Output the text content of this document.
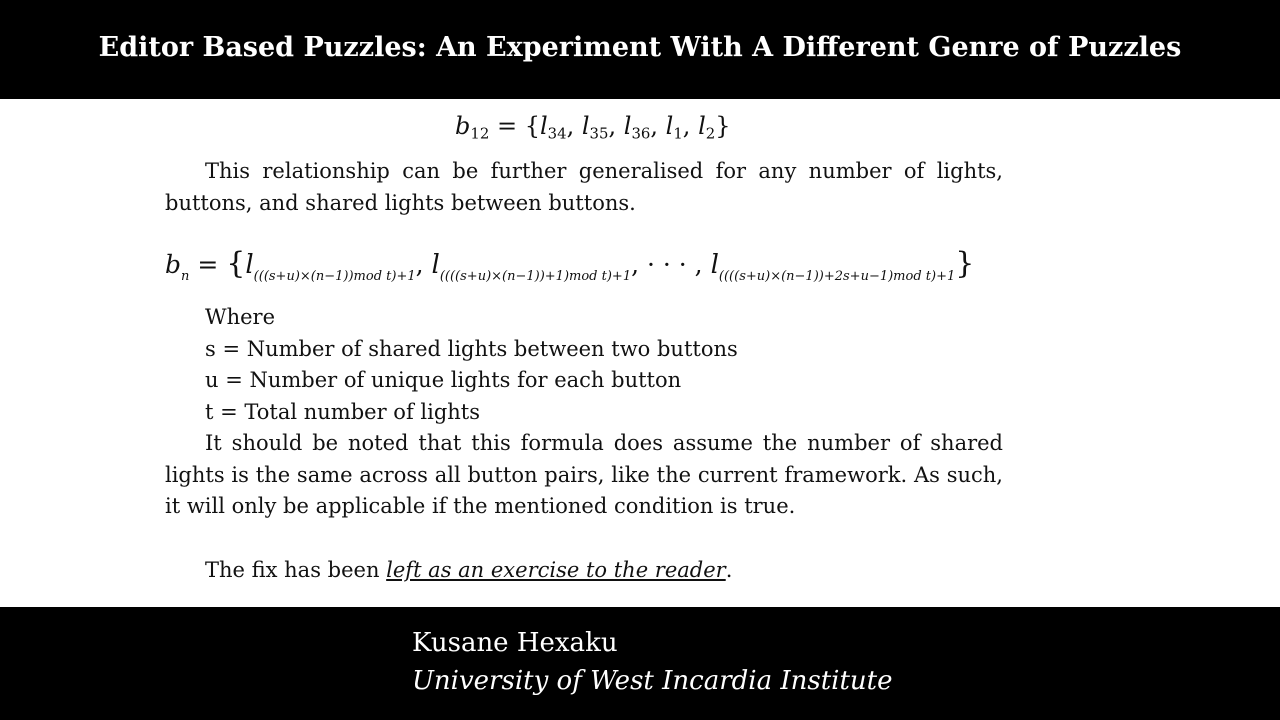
Editor Based Puzzles: An Experiment With A Different Genre of Puzzles
$b_{12} = \{l_{34}$, $l_{35}$, $l_{36}$, $l_1$, $l_2$}

This relationship can be further generalised for any number of lights, buttons, and shared lights between buttons.

$b_n = \{l_{(((s+u)\times(n-1))mod t)+1}$, $l_{((((s+u)\times(n-1))+1)mod t)+1}$, · · · , $l_{((((s+u)\times(n-1))+2s+u-1)mod t)+1}$}
Where
s = Number of shared lights between two buttons
u = Number of unique lights for each button
t = Total number of lights

It should be noted that this formula does assume the number of shared lights is the same across all button pairs, like the current framework. As such, it will only be applicable if the mentioned condition is true.

The fix has been left as an exercise to the reader.

Kusane Hexaku
University of West Incardia Institute
